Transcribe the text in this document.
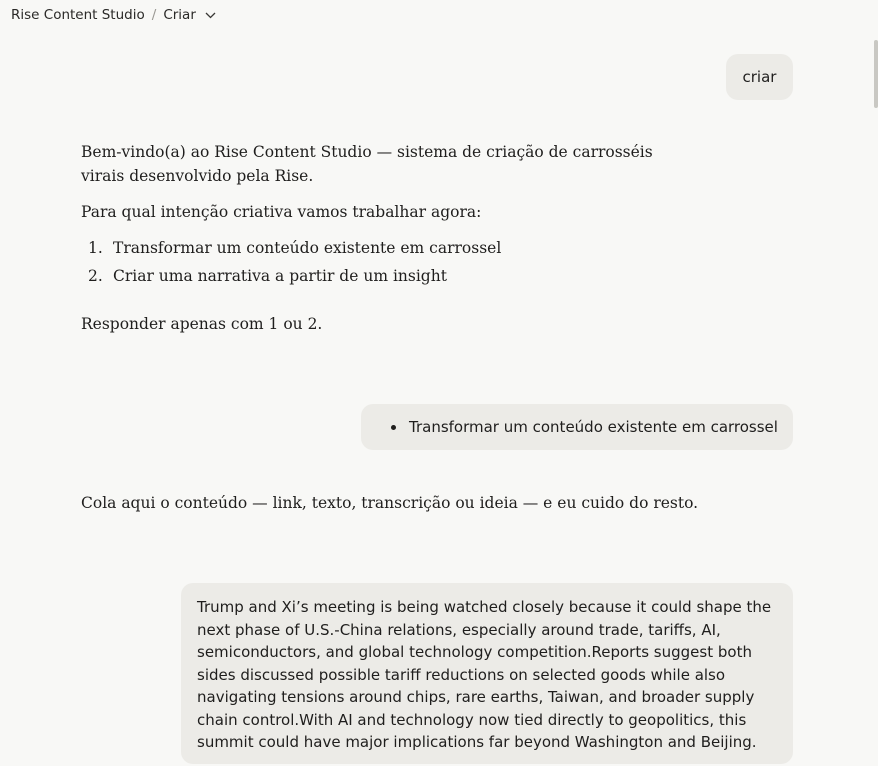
Rise Content Studio / Criar
criar
Bem-vindo(a) ao Rise Content Studio — sistema de criação de carrosséis virais desenvolvido pela Rise.
Para qual intenção criativa vamos trabalhar agora:
1. Transformar um conteúdo existente em carrossel
2. Criar uma narrativa a partir de um insight
Responder apenas com 1 ou 2.
Transformar um conteúdo existente em carrossel
Cola aqui o conteúdo — link, texto, transcrição ou ideia — e eu cuido do resto.
Trump and Xi’s meeting is being watched closely because it could shape the next phase of U.S.-China relations, especially around trade, tariffs, AI, semiconductors, and global technology competition.Reports suggest both sides discussed possible tariff reductions on selected goods while also navigating tensions around chips, rare earths, Taiwan, and broader supply chain control.With AI and technology now tied directly to geopolitics, this summit could have major implications far beyond Washington and Beijing.
